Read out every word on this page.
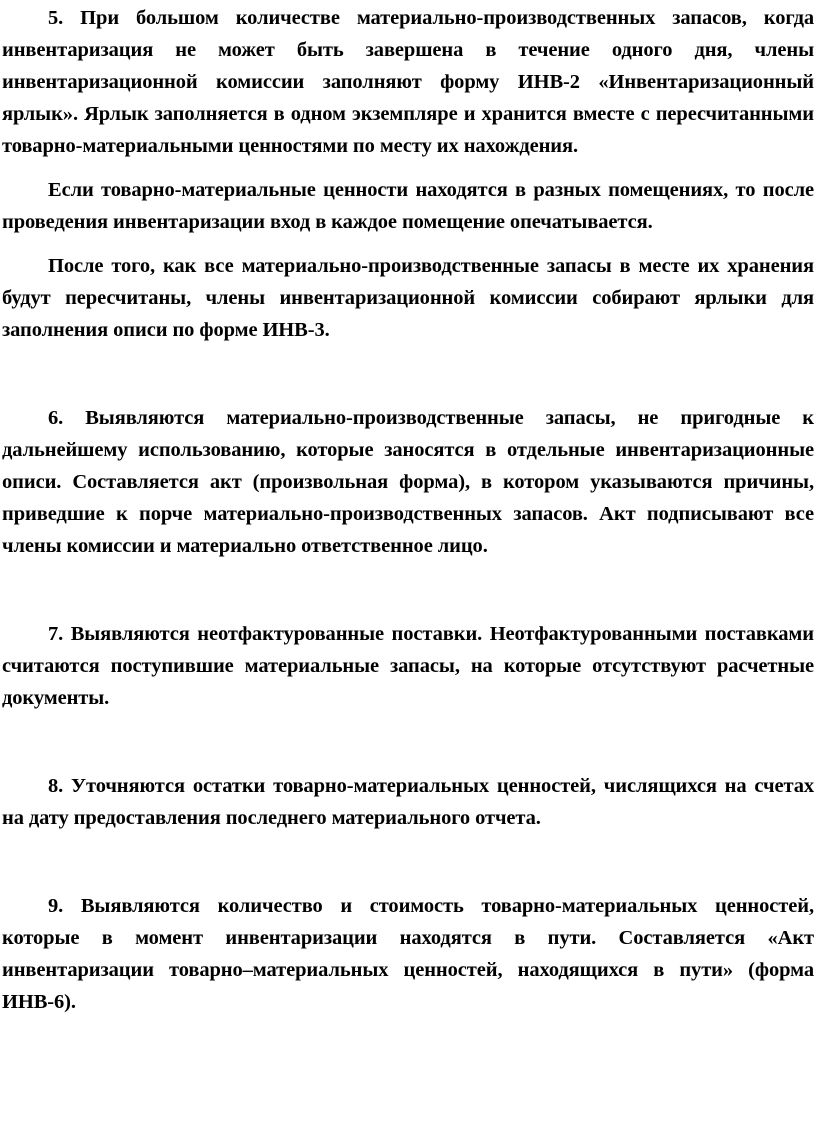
5. При большом количестве материально-производственных запасов, когда инвентаризация не может быть завершена в течение одного дня, члены инвентаризационной комиссии заполняют форму ИНВ-2 «Инвентаризационный ярлык». Ярлык заполняется в одном экземпляре и хранится вместе с пересчитанными товарно-материальными ценностями по месту их нахождения.

Если товарно-материальные ценности находятся в разных помещениях, то после проведения инвентаризации вход в каждое помещение опечатывается.

После того, как все материально-производственные запасы в месте их хранения будут пересчитаны, члены инвентаризационной комиссии собирают ярлыки для заполнения описи по форме ИНВ-3.

6. Выявляются материально-производственные запасы, не пригодные к дальнейшему использованию, которые заносятся в отдельные инвентаризационные описи. Составляется акт (произвольная форма), в котором указываются причины, приведшие к порче материально-производственных запасов. Акт подписывают все члены комиссии и материально ответственное лицо.

7. Выявляются неотфактурованные поставки. Неотфактурованными поставками считаются поступившие материальные запасы, на которые отсутствуют расчетные документы.

8. Уточняются остатки товарно-материальных ценностей, числящихся на счетах на дату предоставления последнего материального отчета.

9. Выявляются количество и стоимость товарно-материальных ценностей, которые в момент инвентаризации находятся в пути. Составляется «Акт инвентаризации товарно–материальных ценностей, находящихся в пути» (форма ИНВ-6).
